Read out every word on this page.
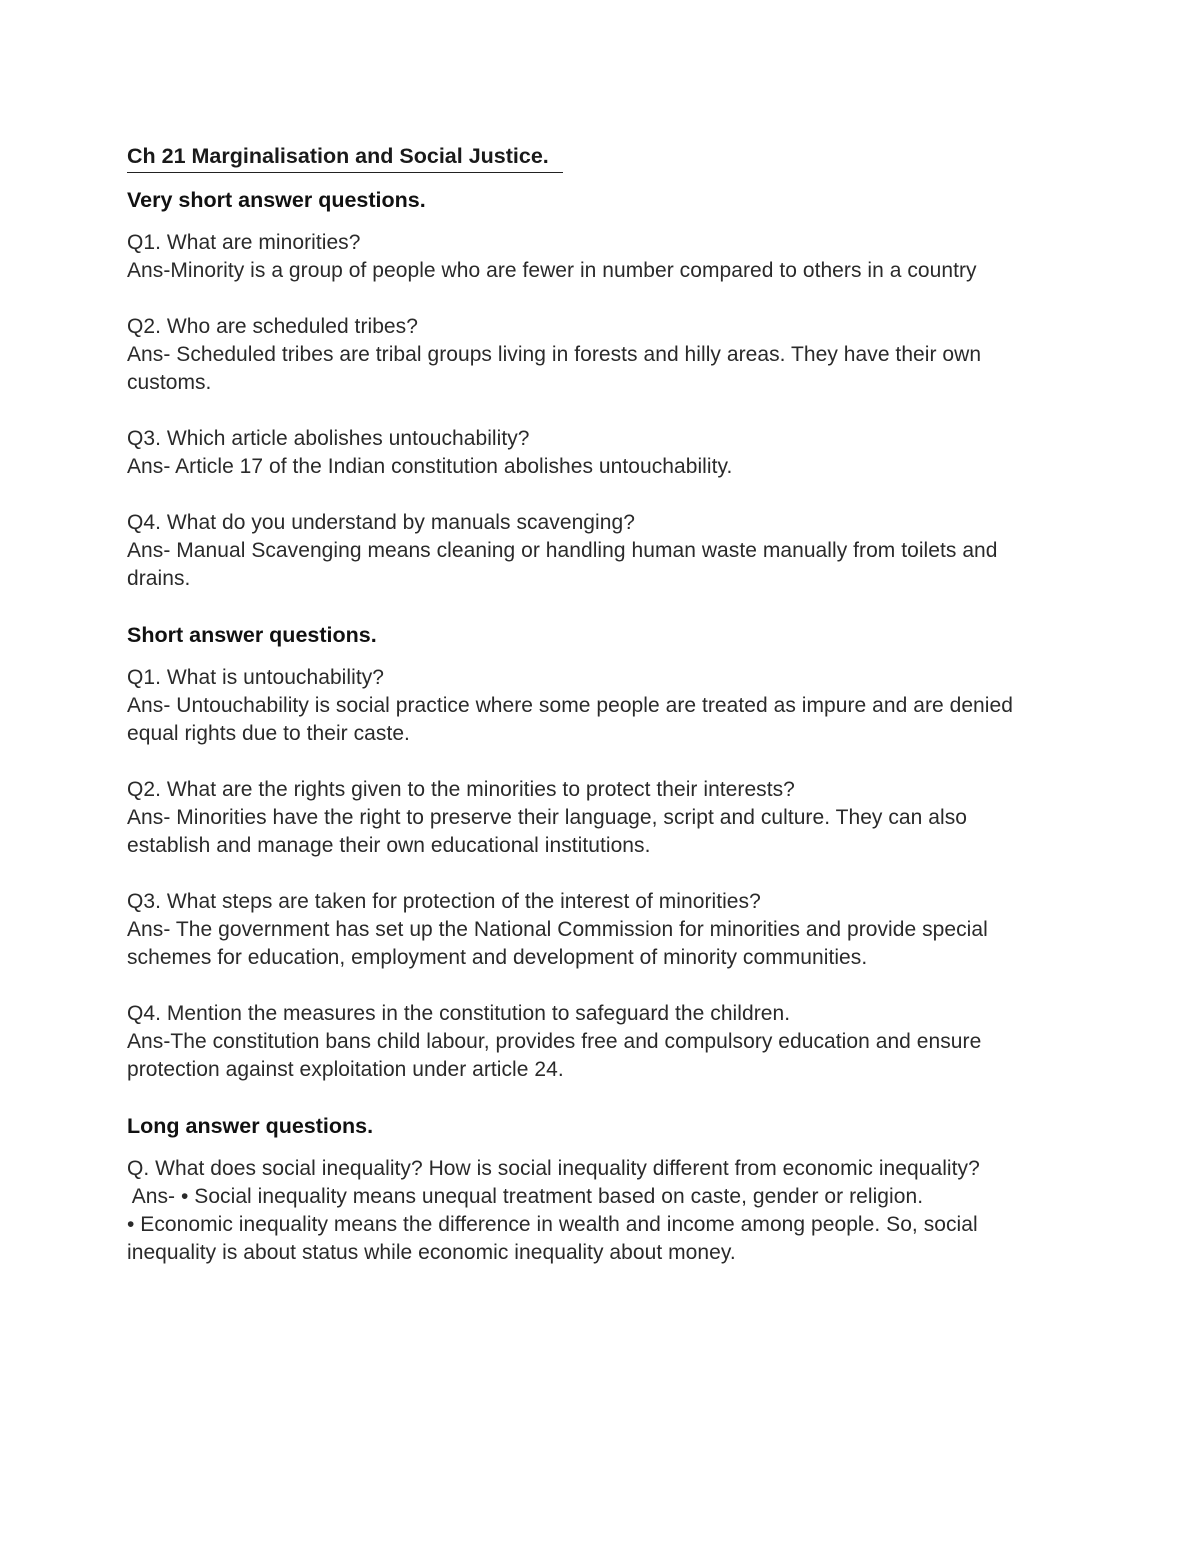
Ch 21 Marginalisation and Social Justice.
Very short answer questions.

Q1. What are minorities?

Ans-Minority is a group of people who are fewer in number compared to others in a country

Q2. Who are scheduled tribes?

Ans- Scheduled tribes are tribal groups living in forests and hilly areas. They have their own customs.

Q3. Which article abolishes untouchability?

Ans- Article 17 of the Indian constitution abolishes untouchability.

Q4. What do you understand by manuals scavenging?

Ans- Manual Scavenging means cleaning or handling human waste manually from toilets and drains.

Short answer questions.

Q1. What is untouchability?

Ans- Untouchability is social practice where some people are treated as impure and are denied equal rights due to their caste.

Q2. What are the rights given to the minorities to protect their interests?

Ans- Minorities have the right to preserve their language, script and culture. They can also establish and manage their own educational institutions.

Q3. What steps are taken for protection of the interest of minorities?

Ans- The government has set up the National Commission for minorities and provide special schemes for education, employment and development of minority communities.

Q4. Mention the measures in the constitution to safeguard the children.

Ans-The constitution bans child labour, provides free and compulsory education and ensure protection against exploitation under article 24.

Long answer questions.

Q. What does social inequality? How is social inequality different from economic inequality?

Ans- • Social inequality means unequal treatment based on caste, gender or religion.

• Economic inequality means the difference in wealth and income among people. So, social inequality is about status while economic inequality about money.
